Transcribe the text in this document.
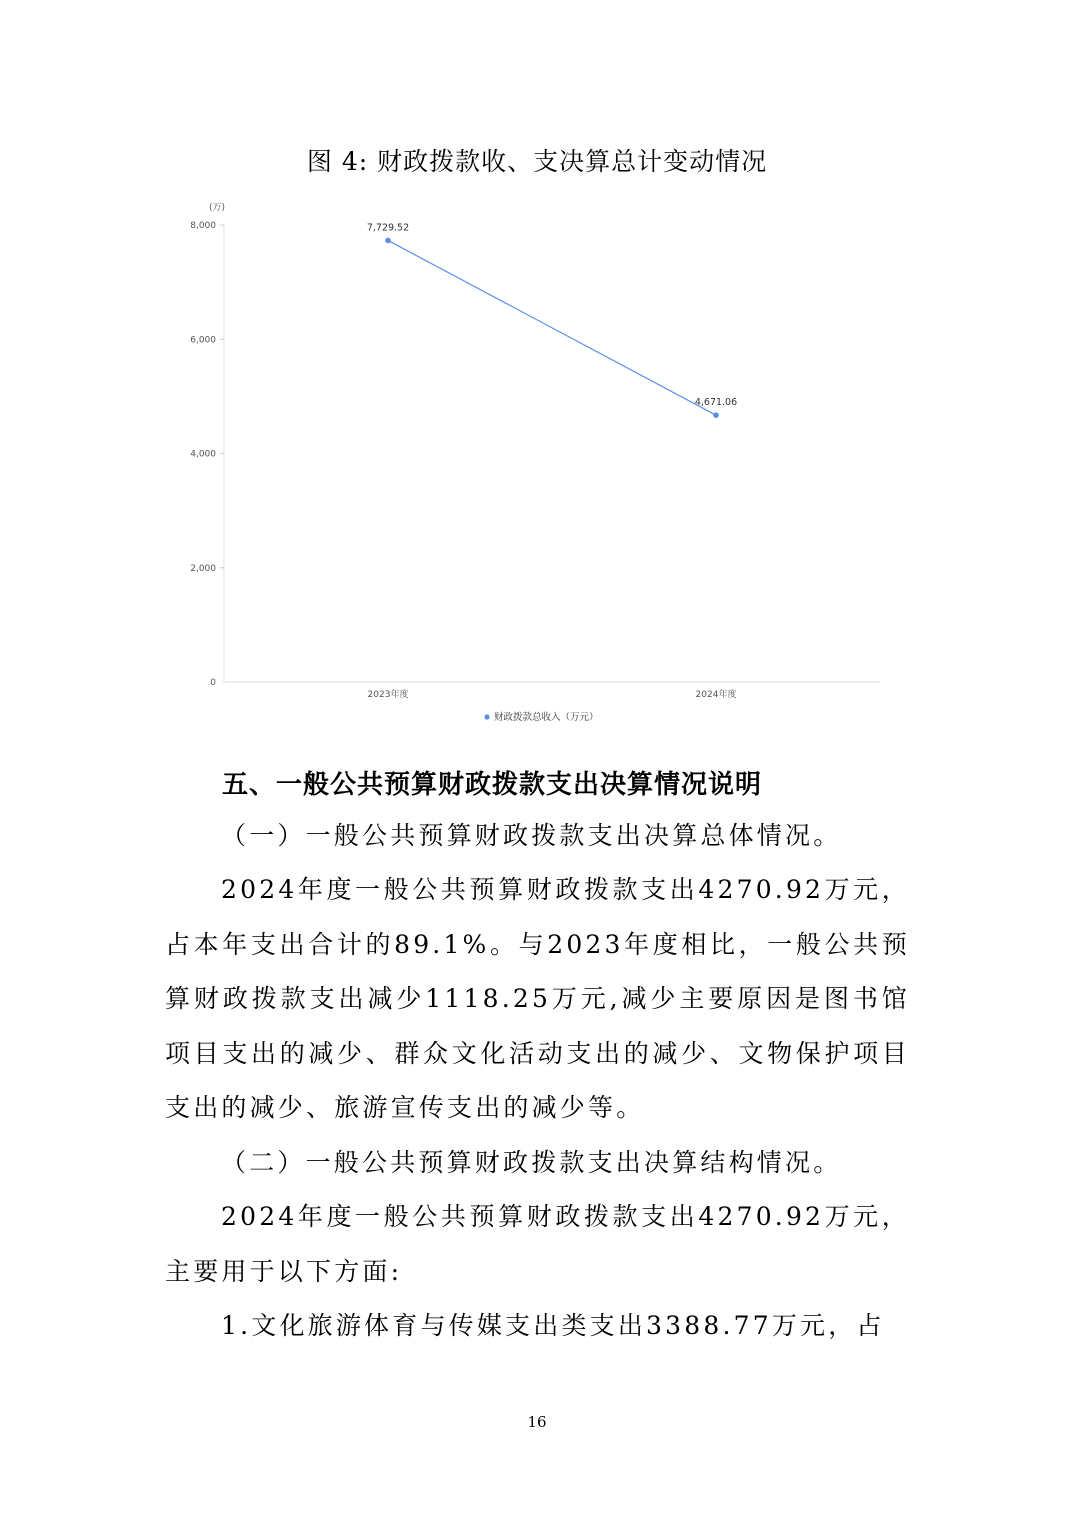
图 4: 财政拨款收、支决算总计变动情况
(万)
0
2,000
4,000
6,000
8,000
2023年度	2024年度
7,729.52
4,671.06
财政拨款总收入（万元）
五、一般公共预算财政拨款支出决算情况说明
（一）一般公共预算财政拨款支出决算总体情况。
2024年度一般公共预算财政拨款支出4270.92万元，占本年支出合计的89.1%。与2023年度相比，一般公共预算财政拨款支出减少1118.25万元,减少主要原因是图书馆项目支出的减少、群众文化活动支出的减少、文物保护项目支出的减少、旅游宣传支出的减少等。
（二）一般公共预算财政拨款支出决算结构情况。
2024年度一般公共预算财政拨款支出4270.92万元，主要用于以下方面:
1.文化旅游体育与传媒支出类支出3388.77万元，占
16
